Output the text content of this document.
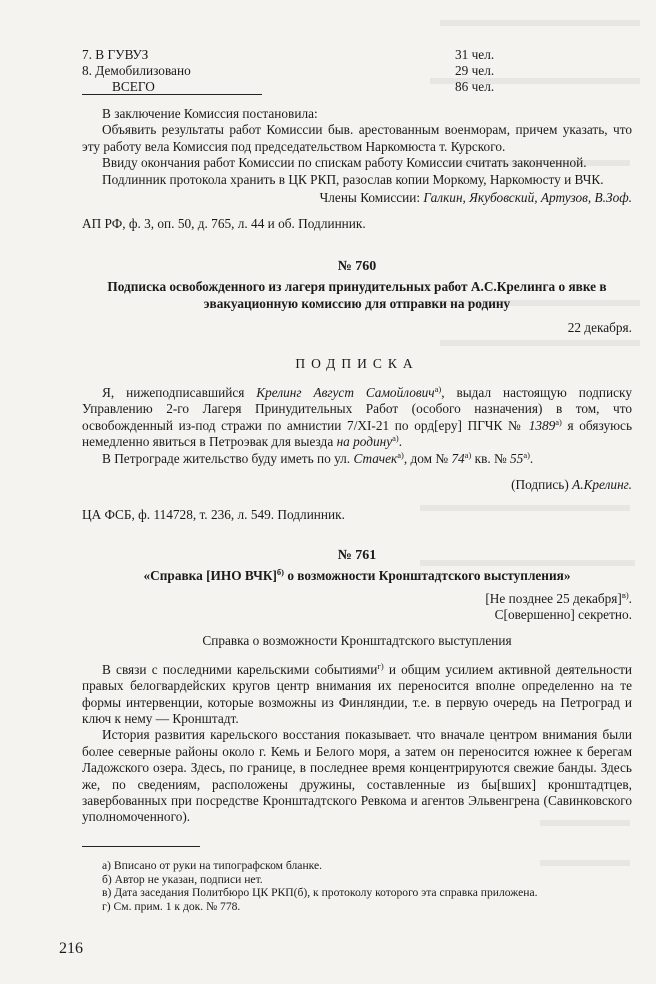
7. В ГУВУЗ	31 чел.
8. Демобилизовано	29 чел.
ВСЕГО	86 чел.

В заключение Комиссия постановила:

Объявить результаты работ Комиссии быв. арестованным военморам, причем указать, что эту работу вела Комиссия под председательством Наркомюста т. Курского.

Ввиду окончания работ Комиссии по спискам работу Комиссии считать законченной.

Подлинник протокола хранить в ЦК РКП, разослав копии Моркому, Наркомюсту и ВЧК.

Члены Комиссии: Галкин, Якубовский, Артузов, В.Зоф.

АП РФ, ф. 3, оп. 50, д. 765, л. 44 и об. Подлинник.

№ 760

Подписка освобожденного из лагеря принудительных работ А.С.Крелинга о явке в эвакуационную комиссию для отправки на родину

22 декабря.

ПОДПИСКА

Я, нижеподписавшийся Крелинг Август Самойлович$^{а)}$, выдал настоящую подписку Управлению 2-го Лагеря Принудительных Работ (особого назначения) в том, что освобожденный из-под стражи по амнистии 7/XI-21 по орд[еру] ПГЧК № $1389^{а)}$ я обязуюсь немедленно явиться в Петроэвак для выезда на родину$^{а)}$.

В Петрограде жительство буду иметь по ул. Стачек$^{а)}$, дом № $74^{а)}$ кв. № $55^{а)}$.

(Подпись) А.Крелинг.

ЦА ФСБ, ф. 114728, т. 236, л. 549. Подлинник.

№ 761

«Справка [ИНО ВЧК]$^{б)}$ о возможности Кронштадтского выступления»

[Не позднее 25 декабря]$^{в)}$.

С[овершенно] секретно.

Справка о возможности Кронштадтского выступления

В связи с последними карельскими событиями$^{г)}$ и общим усилием активной деятельности правых белогвардейских кругов центр внимания их переносится вполне определенно на те формы интервенции, которые возможны из Финляндии, т.е. в первую очередь на Петроград и ключ к нему — Кронштадт.

История развития карельского восстания показывает. что вначале центром внимания были более северные районы около г. Кемь и Белого моря, а затем он переносится южнее к берегам Ладожского озера. Здесь, по границе, в последнее время концентрируются свежие банды. Здесь же, по сведениям, расположены дружины, составленные из бы[вших] кронштадтцев, завербованных при посредстве Кронштадтского Ревкома и агентов Эльвенгрена (Савинковского уполномоченного).

а) Вписано от руки на типографском бланке.

б) Автор не указан, подписи нет.

в) Дата заседания Политбюро ЦК РКП(б), к протоколу которого эта справка приложена.

г) См. прим. 1 к док. № 778.

216
